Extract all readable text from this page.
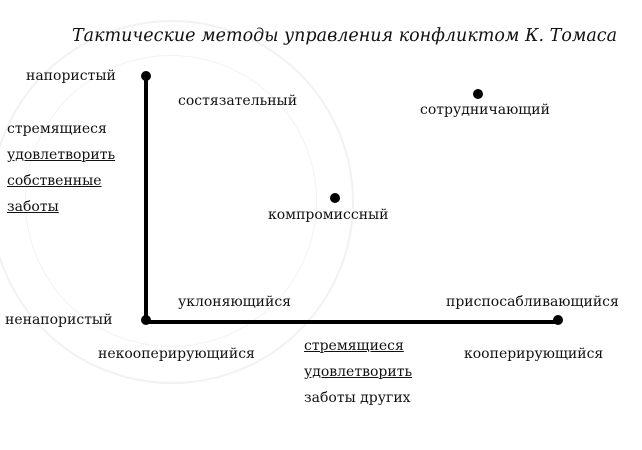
Тактические методы управления конфликтом К. Томаса
напористый
ненапористый
стремящиеся
удовлетворить
собственные
заботы
некооперирующийся	кооперирующийся
стремящиеся
удовлетворить
заботы других
состязательный
сотрудничающий
компромиссный
уклоняющийся	приспосабливающийся
